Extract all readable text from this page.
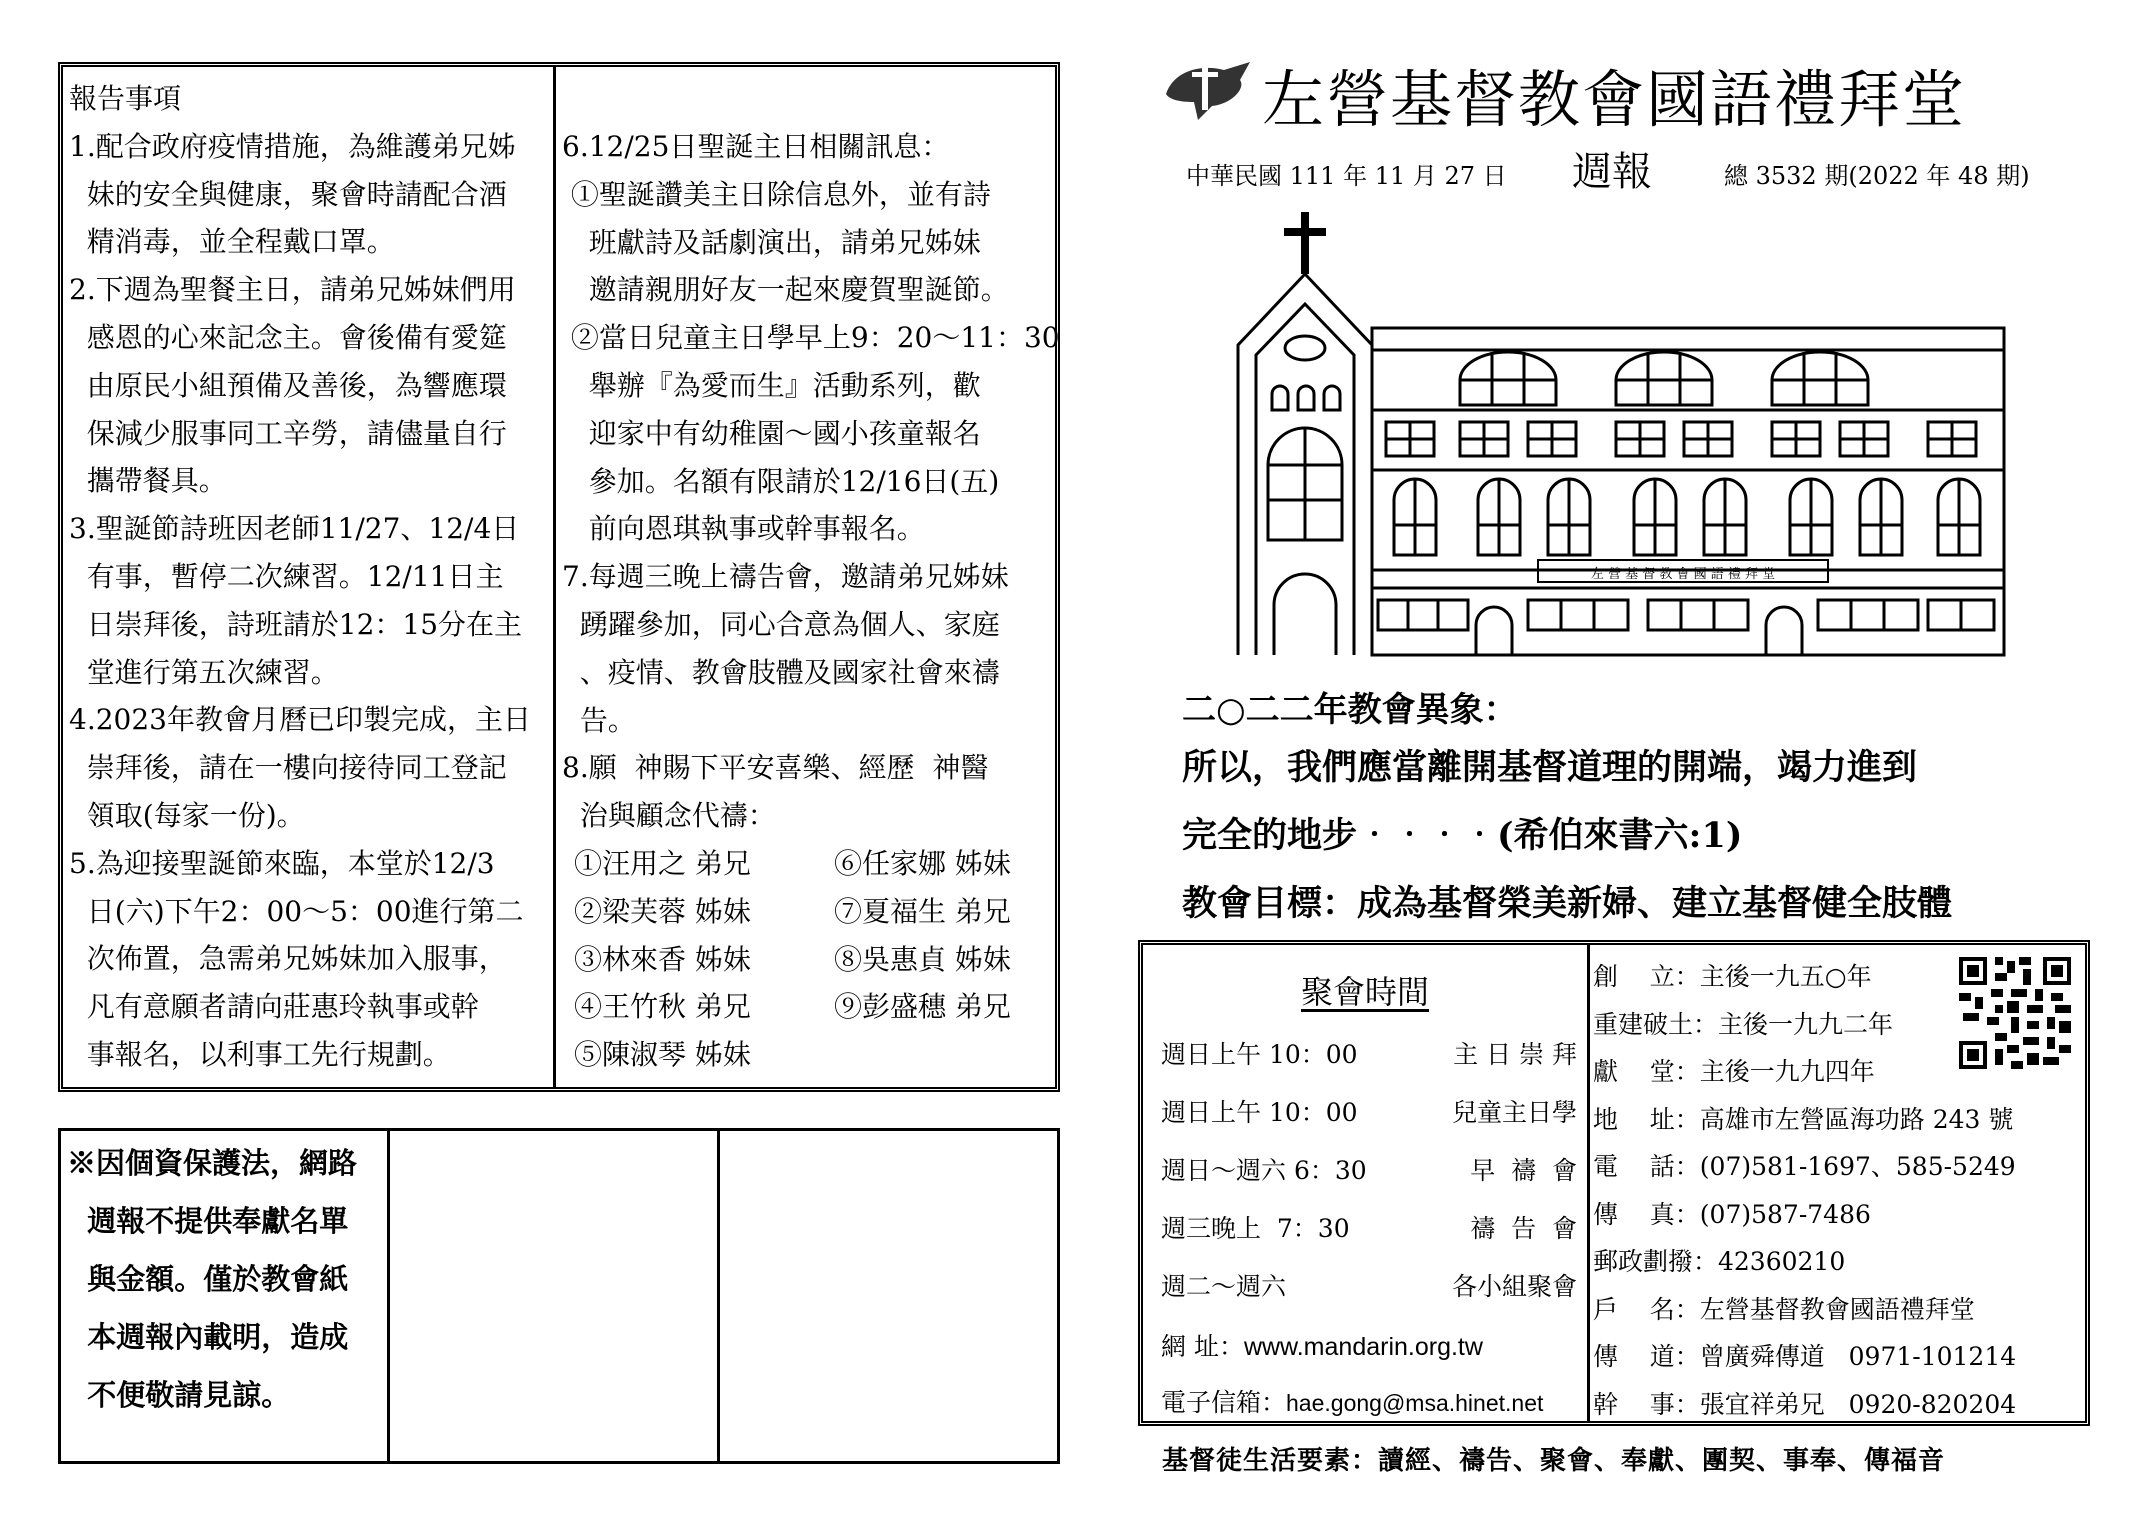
報告事項
1.配合政府疫情措施，為維護弟兄姊
妹的安全與健康，聚會時請配合酒
精消毒，並全程戴口罩。
2.下週為聖餐主日，請弟兄姊妹們用
感恩的心來記念主。會後備有愛筵
由原民小組預備及善後，為響應環
保減少服事同工辛勞，請儘量自行
攜帶餐具。
3.聖誕節詩班因老師11/27、12/4日
有事，暫停二次練習。12/11日主
日崇拜後，詩班請於12：15分在主
堂進行第五次練習。
4.2023年教會月曆已印製完成，主日
崇拜後，請在一樓向接待同工登記
領取(每家一份)。
5.為迎接聖誕節來臨，本堂於12/3
日(六)下午2：00～5：00進行第二
次佈置，急需弟兄姊妹加入服事，
凡有意願者請向莊惠玲執事或幹
事報名，以利事工先行規劃。
6.12/25日聖誕主日相關訊息：
①聖誕讚美主日除信息外，並有詩
班獻詩及話劇演出，請弟兄姊妹
邀請親朋好友一起來慶賀聖誕節。
②當日兒童主日學早上9：20～11：30
舉辦『為愛而生』活動系列，歡
迎家中有幼稚園～國小孩童報名
參加。名額有限請於12/16日(五)
前向恩琪執事或幹事報名。
7.每週三晚上禱告會，邀請弟兄姊妹
踴躍參加，同心合意為個人、家庭
、疫情、教會肢體及國家社會來禱
告。
8.願  神賜下平安喜樂、經歷  神醫
治與顧念代禱：
①汪用之 弟兄	⑥任家娜 姊妹
②梁芙蓉 姊妹	⑦夏福生 弟兄
③林來香 姊妹	⑧吳惠貞 姊妹
④王竹秋 弟兄	⑨彭盛穗 弟兄
⑤陳淑琴 姊妹
※因個資保護法，網路
週報不提供奉獻名單
與金額。僅於教會紙
本週報內載明，造成
不便敬請見諒。
左營基督教會國語禮拜堂
中華民國 111 年 11 月 27 日 週報	總 3532 期(2022 年 48 期)
左 營 基 督 教 會 國 語 禮 拜 堂
二○二二年教會異象：
所以，我們應當離開基督道理的開端，竭力進到
完全的地步‧‧‧‧(希伯來書六:1)
教會目標：成為基督榮美新婦、建立基督健全肢體
聚會時間
週日上午 10：00	主 日 崇 拜
週日上午 10：00	兒童主日學
週日～週六 6：30	早  禱  會
週三晚上  7：30	禱  告  會
週二～週六	各小組聚會
網 址：www.mandarin.org.tw
電子信箱：hae.gong@msa.hinet.net
創    立：主後一九五○年
重建破土：主後一九九二年
獻    堂：主後一九九四年
地    址：高雄市左營區海功路 243 號
電    話：(07)581-1697、585-5249
傳    真：(07)587-7486
郵政劃撥：42360210
戶    名：左營基督教會國語禮拜堂
傳    道：曾廣舜傳道   0971-101214
幹    事：張宜祥弟兄   0920-820204
基督徒生活要素：讀經、禱告、聚會、奉獻、團契、事奉、傳福音
